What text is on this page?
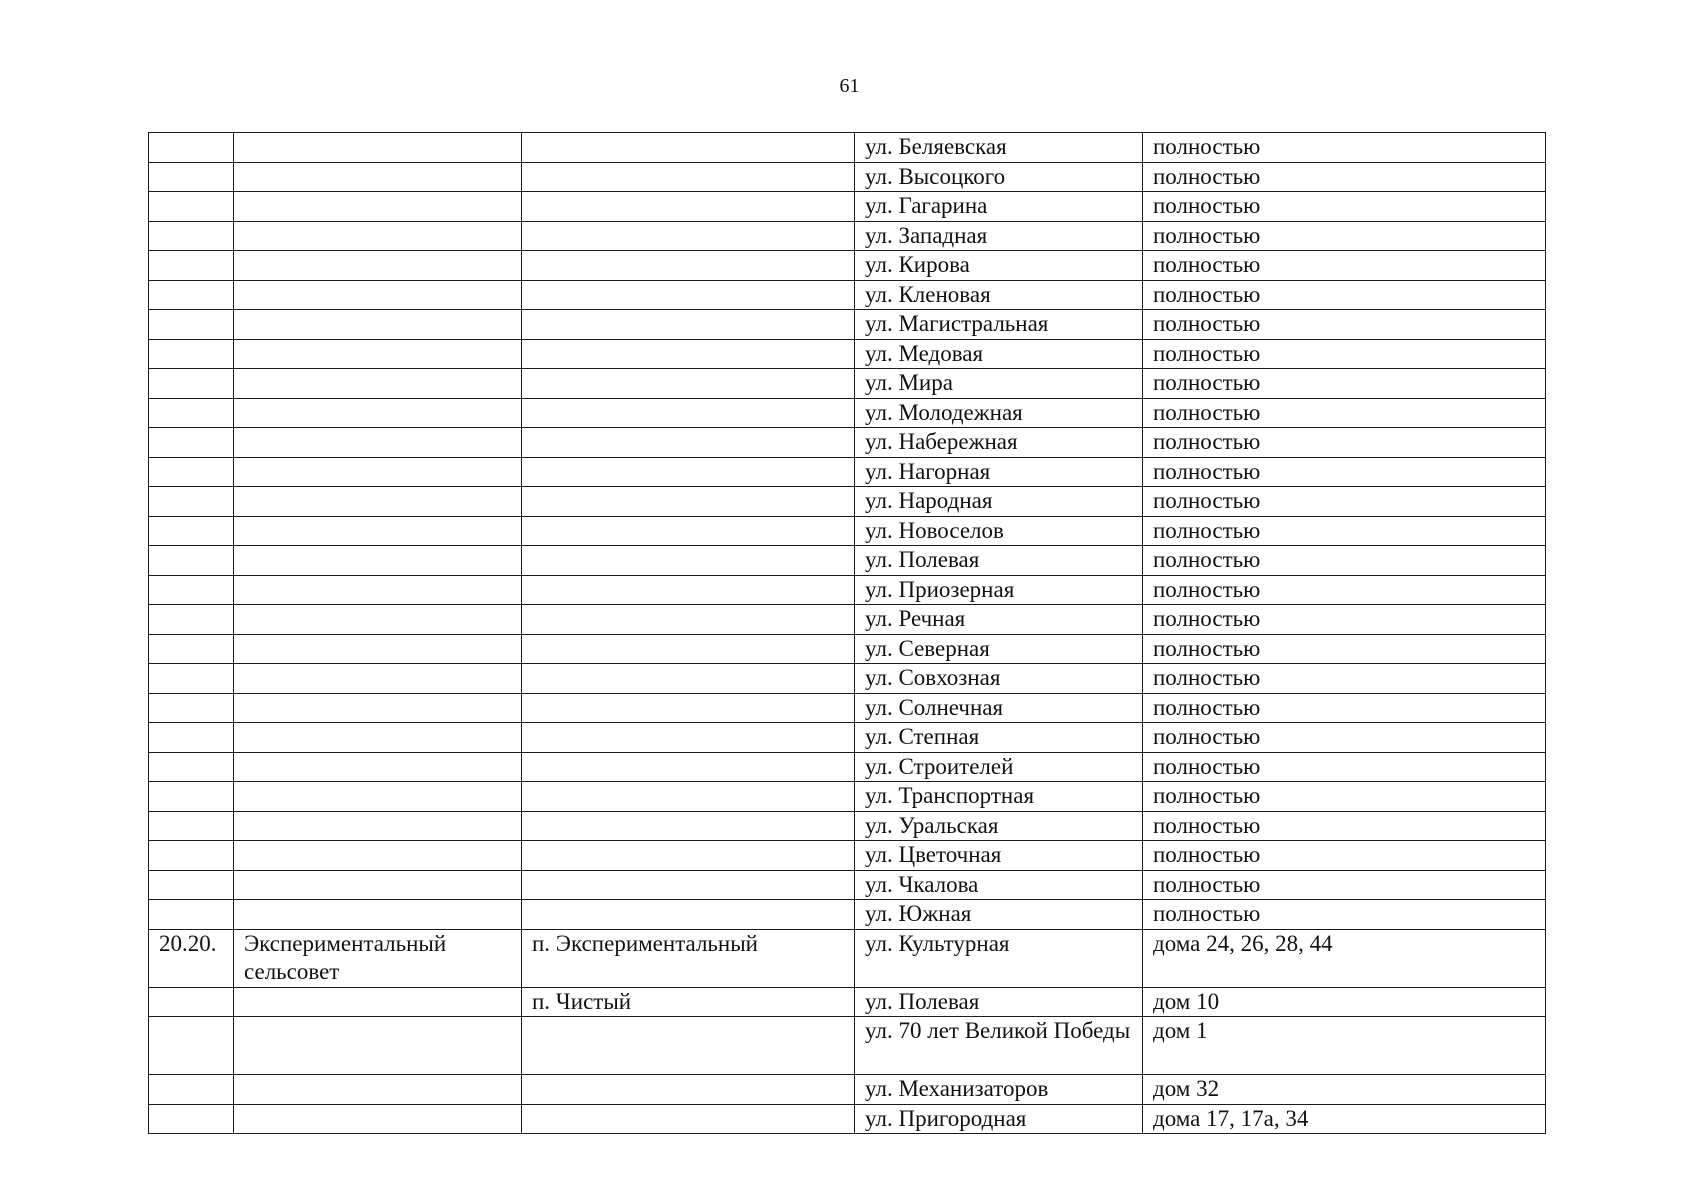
61
			ул. Беляевская	полностью
			ул. Высоцкого	полностью
			ул. Гагарина	полностью
			ул. Западная	полностью
			ул. Кирова	полностью
			ул. Кленовая	полностью
			ул. Магистральная	полностью
			ул. Медовая	полностью
			ул. Мира	полностью
			ул. Молодежная	полностью
			ул. Набережная	полностью
			ул. Нагорная	полностью
			ул. Народная	полностью
			ул. Новоселов	полностью
			ул. Полевая	полностью
			ул. Приозерная	полностью
			ул. Речная	полностью
			ул. Северная	полностью
			ул. Совхозная	полностью
			ул. Солнечная	полностью
			ул. Степная	полностью
			ул. Строителей	полностью
			ул. Транспортная	полностью
			ул. Уральская	полностью
			ул. Цветочная	полностью
			ул. Чкалова	полностью
			ул. Южная	полностью
20.20.	Экспериментальный сельсовет	п. Экспериментальный	ул. Культурная	дома 24, 26, 28, 44
		п. Чистый	ул. Полевая	дом 10
			ул. 70 лет Великой Победы	дом 1
			ул. Механизаторов	дом 32
			ул. Пригородная	дома 17, 17а, 34
